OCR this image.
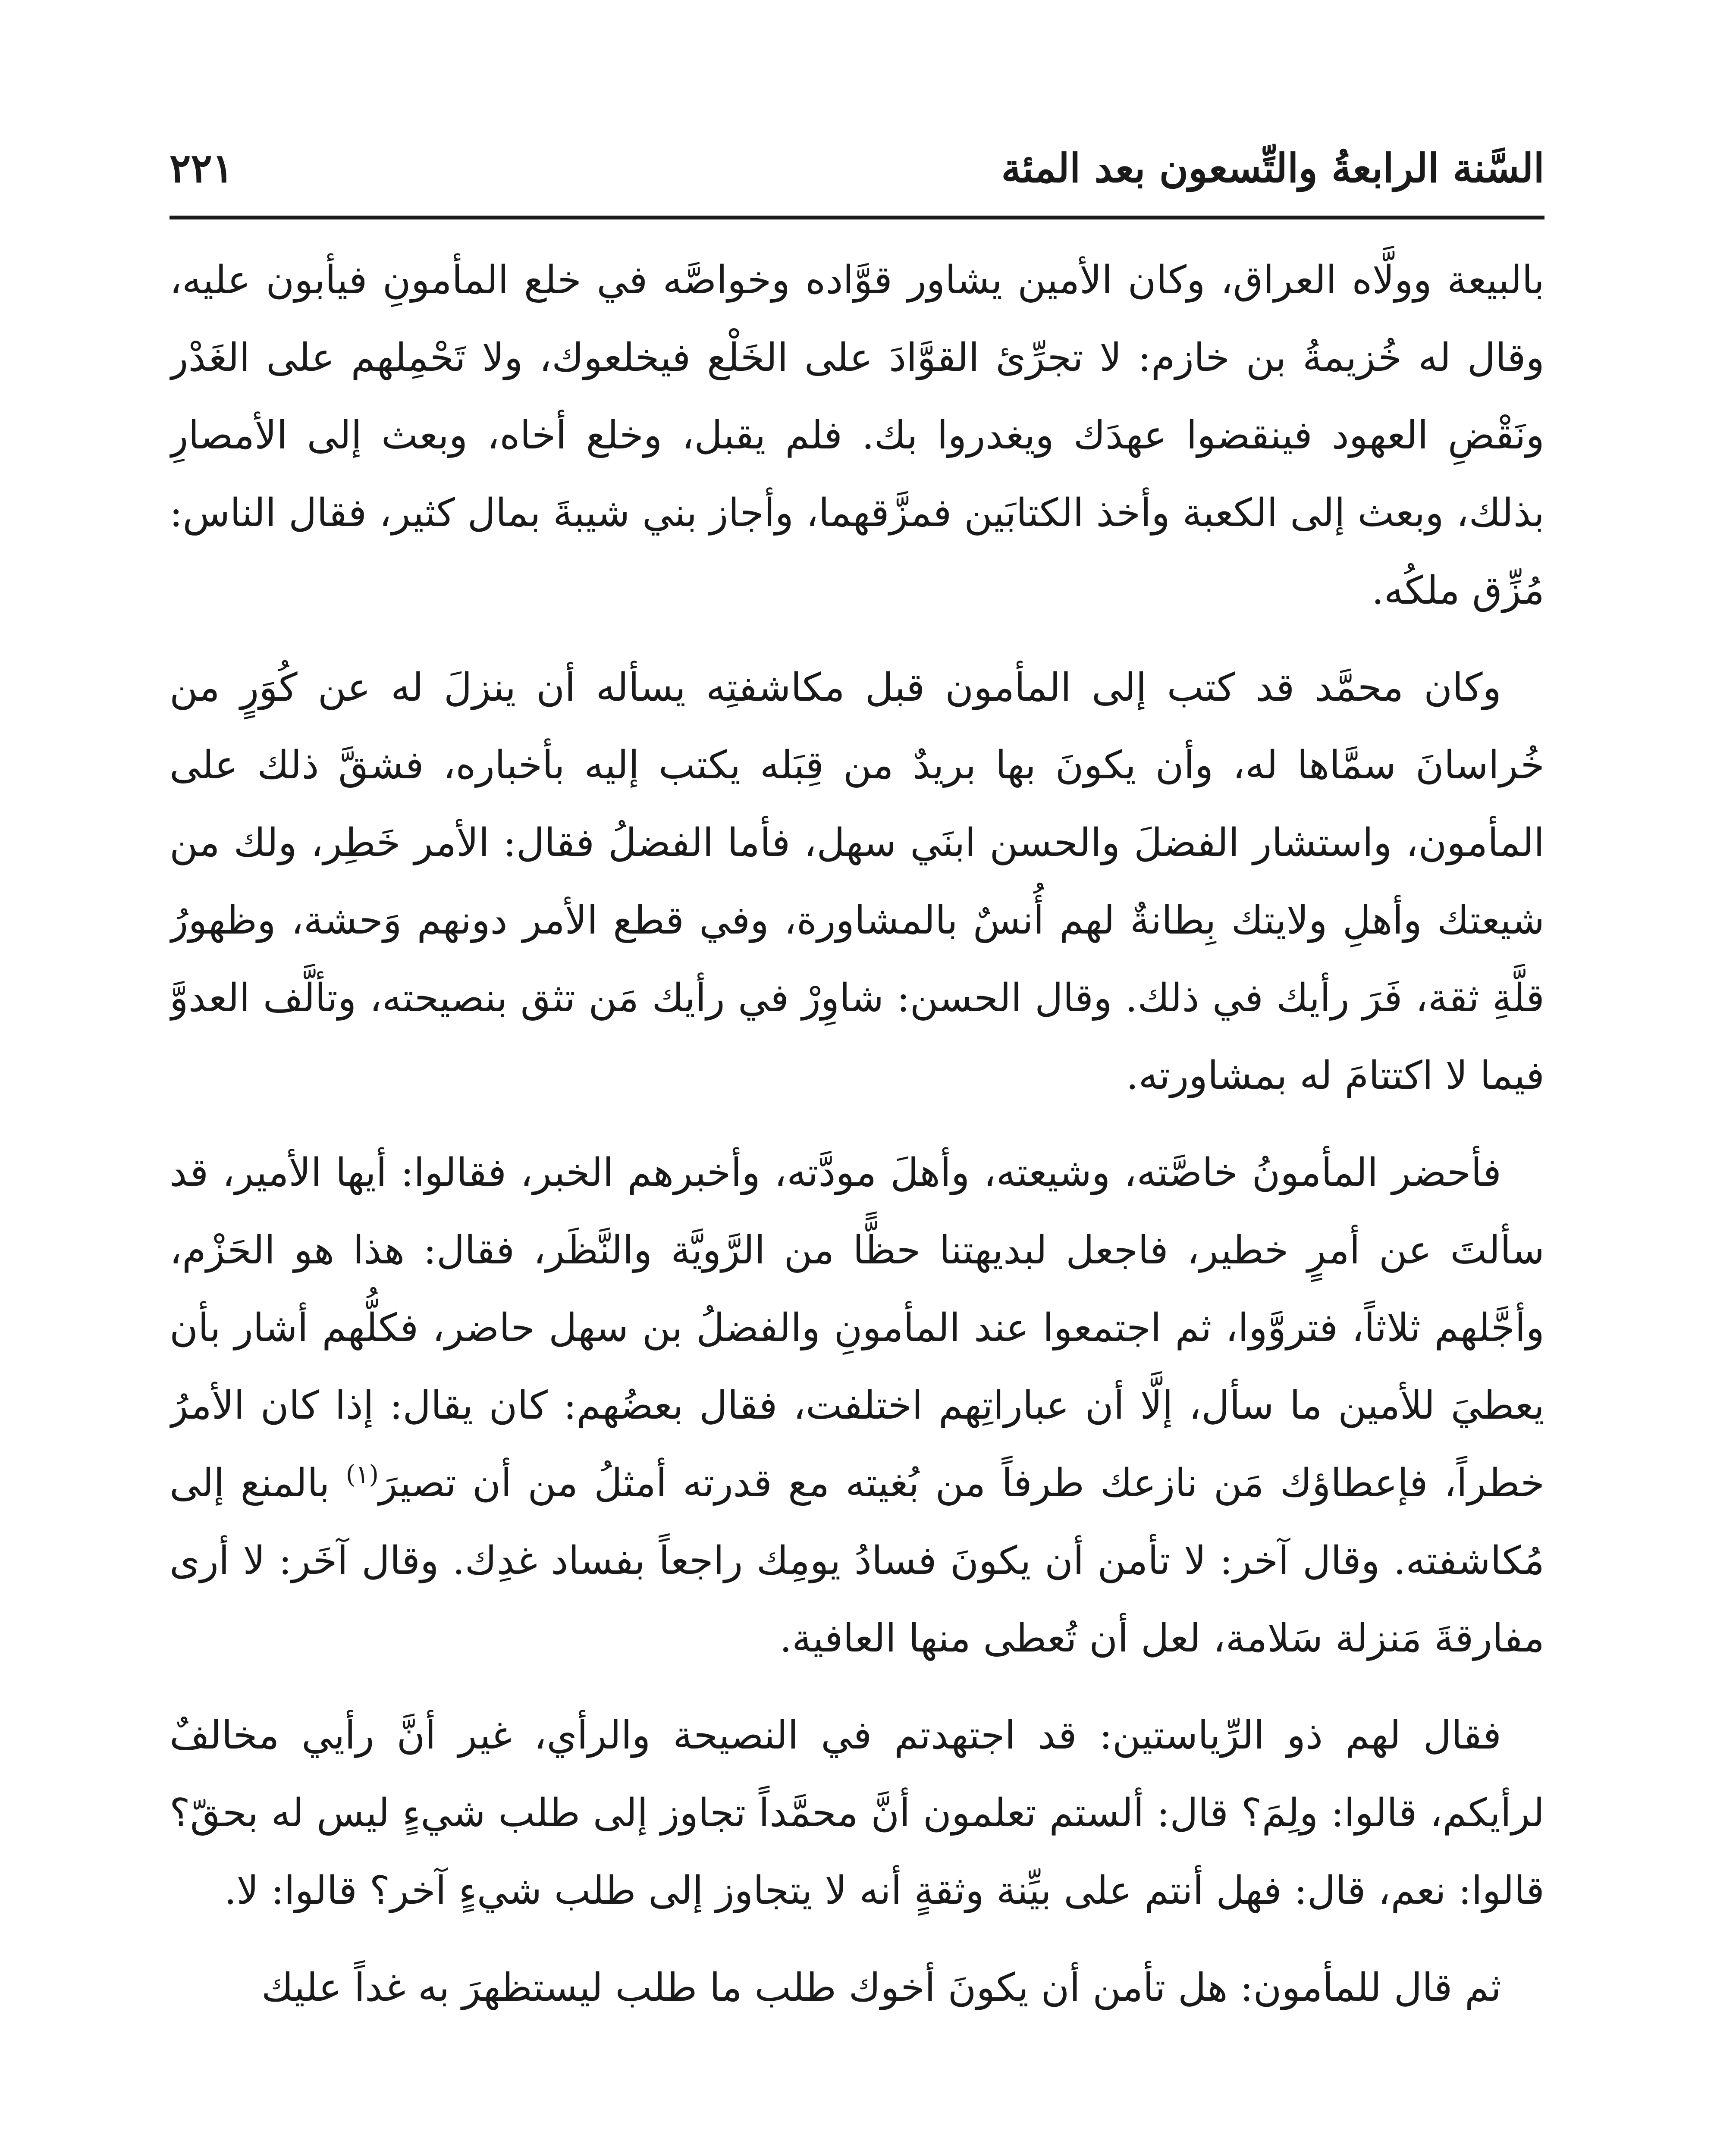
السَّنة الرابعةُ والتِّسعون بعد المئة
٢٢١

بالبيعة وولَّاه العراق، وكان الأمين يشاور قوَّاده وخواصَّه في خلع المأمونِ فيأبون عليه، وقال له خُزيمةُ بن خازم: لا تجرِّئ القوَّادَ على الخَلْع فيخلعوك، ولا تَحْمِلهم على الغَدْر ونَقْضِ العهود فينقضوا عهدَك ويغدروا بك. فلم يقبل، وخلع أخاه، وبعث إلى الأمصارِ بذلك، وبعث إلى الكعبة وأخذ الكتابَين فمزَّقهما، وأجاز بني شيبةَ بمال كثير، فقال الناس: مُزِّق ملكُه.

وكان محمَّد قد كتب إلى المأمون قبل مكاشفتِه يسأله أن ينزلَ له عن كُوَرٍ من خُراسانَ سمَّاها له، وأن يكونَ بها بريدٌ من قِبَله يكتب إليه بأخباره، فشقَّ ذلك على المأمون، واستشار الفضلَ والحسن ابنَي سهل، فأما الفضلُ فقال: الأمر خَطِر، ولك من شيعتك وأهلِ ولايتك بِطانةٌ لهم أُنسٌ بالمشاورة، وفي قطع الأمر دونهم وَحشة، وظهورُ قلَّةِ ثقة، فَرَ رأيك في ذلك. وقال الحسن: شاوِرْ في رأيك مَن تثق بنصيحته، وتألَّف العدوَّ فيما لا اكتتامَ له بمشاورته.

فأحضر المأمونُ خاصَّته، وشيعته، وأهلَ مودَّته، وأخبرهم الخبر، فقالوا: أيها الأمير، قد سألتَ عن أمرٍ خطير، فاجعل لبديهتنا حظًّا من الرَّويَّة والنَّظَر، فقال: هذا هو الحَزْم، وأجَّلهم ثلاثاً، فتروَّوا، ثم اجتمعوا عند المأمونِ والفضلُ بن سهل حاضر، فكلُّهم أشار بأن يعطيَ للأمين ما سأل، إلَّا أن عباراتِهم اختلفت، فقال بعضُهم: كان يقال: إذا كان الأمرُ خطراً، فإعطاؤك مَن نازعك طرفاً من بُغيته مع قدرته أمثلُ من أن تصيرَ$^{(١)}$ بالمنع إلى مُكاشفته. وقال آخر: لا تأمن أن يكونَ فسادُ يومِك راجعاً بفساد غدِك. وقال آخَر: لا أرى مفارقةَ مَنزلة سَلامة، لعل أن تُعطى منها العافية.

فقال لهم ذو الرِّياستين: قد اجتهدتم في النصيحة والرأي، غير أنَّ رأيي مخالفٌ لرأيكم، قالوا: ولِمَ؟ قال: ألستم تعلمون أنَّ محمَّداً تجاوز إلى طلب شيءٍ ليس له بحقّ؟ قالوا: نعم، قال: فهل أنتم على بيِّنة وثقةٍ أنه لا يتجاوز إلى طلب شيءٍ آخر؟ قالوا: لا.

ثم قال للمأمون: هل تأمن أن يكونَ أخوك طلب ما طلب ليستظهرَ به غداً عليك
